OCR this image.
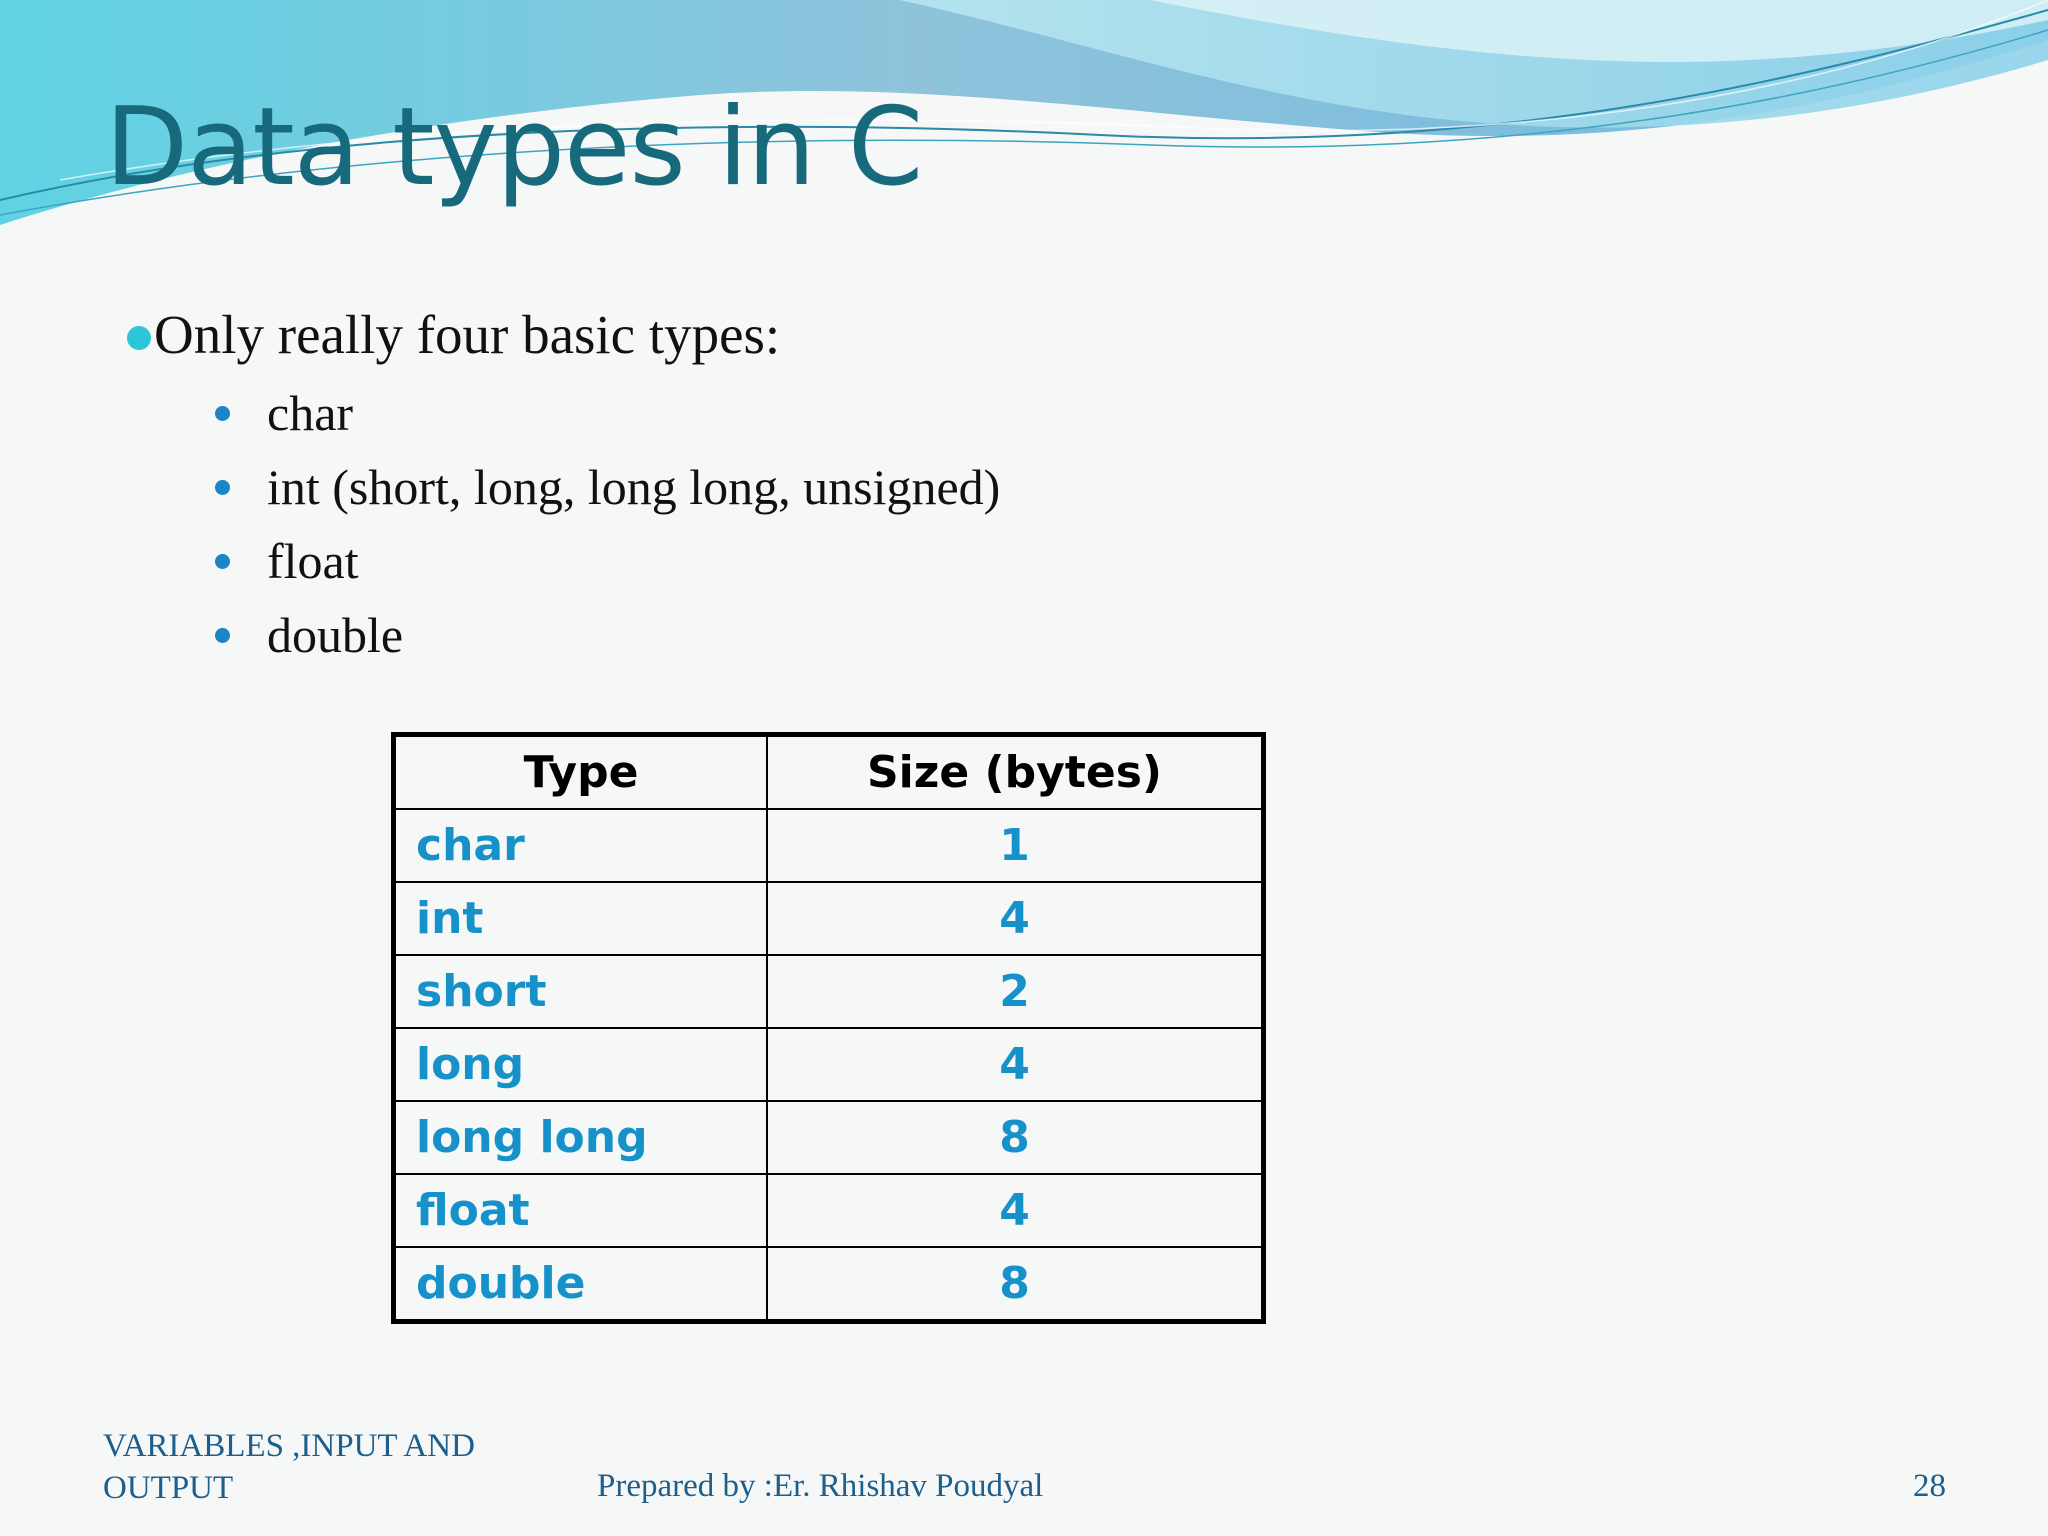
Data types in C
Only really four basic types:
char
int (short, long, long long, unsigned)
float
double
Type	Size (bytes)
char	1
int	4
short	2
long	4
long long	8
float	4
double	8
VARIABLES ,INPUT AND
OUTPUT	Prepared by :Er. Rhishav Poudyal	28
